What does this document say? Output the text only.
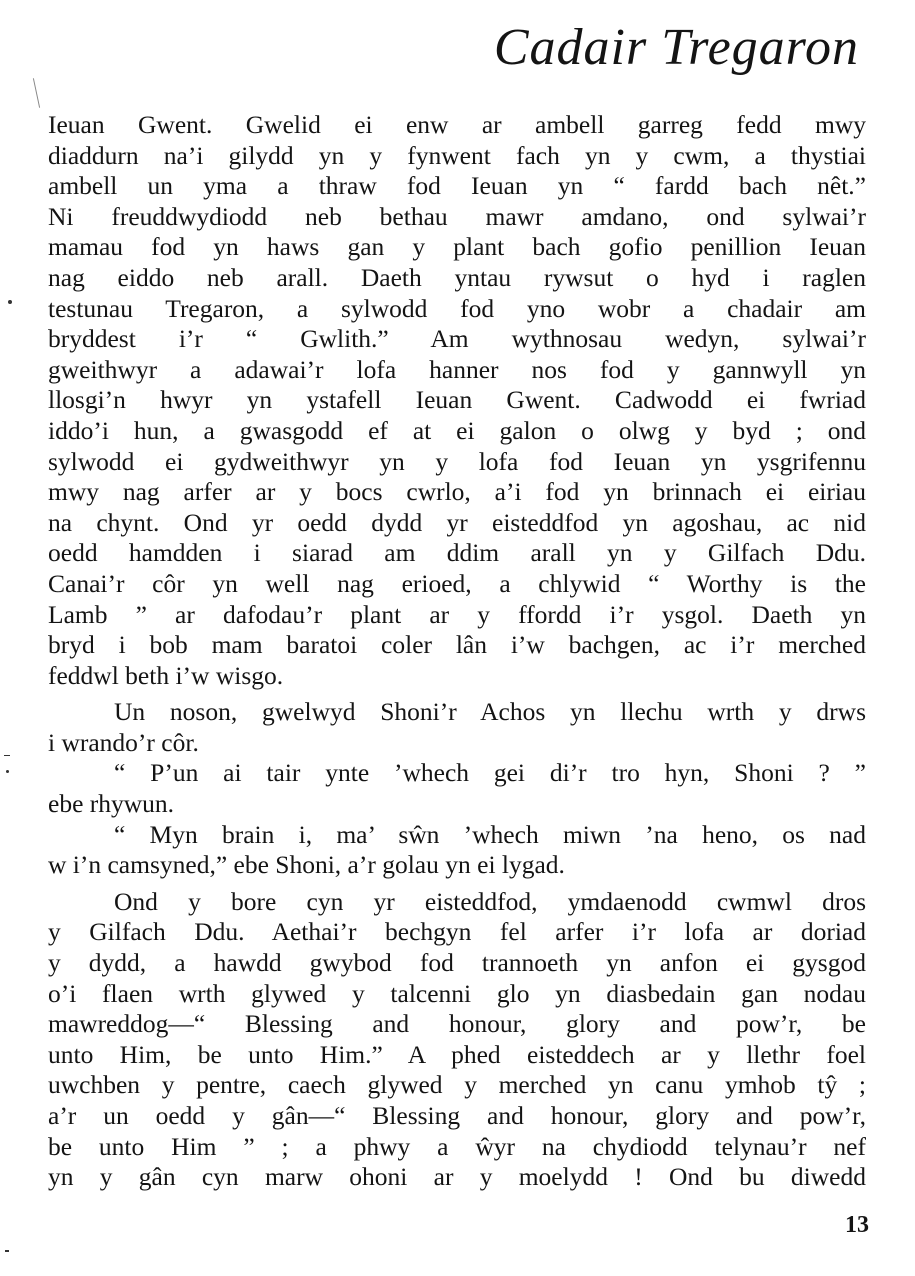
Cadair Tregaron
Ieuan Gwent. Gwelid ei enw ar ambell garreg fedd mwy
diaddurn na’i gilydd yn y fynwent fach yn y cwm, a thystiai
ambell un yma a thraw fod Ieuan yn “ fardd bach nêt.”
Ni freuddwydiodd neb bethau mawr amdano, ond sylwai’r
mamau fod yn haws gan y plant bach gofio penillion Ieuan
nag eiddo neb arall. Daeth yntau rywsut o hyd i raglen
testunau Tregaron, a sylwodd fod yno wobr a chadair am
bryddest i’r “ Gwlith.” Am wythnosau wedyn, sylwai’r
gweithwyr a adawai’r lofa hanner nos fod y gannwyll yn
llosgi’n hwyr yn ystafell Ieuan Gwent. Cadwodd ei fwriad
iddo’i hun, a gwasgodd ef at ei galon o olwg y byd ; ond
sylwodd ei gydweithwyr yn y lofa fod Ieuan yn ysgrifennu
mwy nag arfer ar y bocs cwrlo, a’i fod yn brinnach ei eiriau
na chynt. Ond yr oedd dydd yr eisteddfod yn agoshau, ac nid
oedd hamdden i siarad am ddim arall yn y Gilfach Ddu.
Canai’r côr yn well nag erioed, a chlywid “ Worthy is the
Lamb ” ar dafodau’r plant ar y ffordd i’r ysgol. Daeth yn
bryd i bob mam baratoi coler lân i’w bachgen, ac i’r merched
feddwl beth i’w wisgo.
Un noson, gwelwyd Shoni’r Achos yn llechu wrth y drws
i wrando’r côr.
“ P’un ai tair ynte ’whech gei di’r tro hyn, Shoni ? ”
ebe rhywun.
“ Myn brain i, ma’ sŵn ’whech miwn ’na heno, os nad
w i’n camsyned,” ebe Shoni, a’r golau yn ei lygad.
Ond y bore cyn yr eisteddfod, ymdaenodd cwmwl dros
y Gilfach Ddu. Aethai’r bechgyn fel arfer i’r lofa ar doriad
y dydd, a hawdd gwybod fod trannoeth yn anfon ei gysgod
o’i flaen wrth glywed y talcenni glo yn diasbedain gan nodau
mawreddog—“ Blessing and honour, glory and pow’r, be
unto Him, be unto Him.” A phed eisteddech ar y llethr foel
uwchben y pentre, caech glywed y merched yn canu ymhob tŷ ;
a’r un oedd y gân—“ Blessing and honour, glory and pow’r,
be unto Him ” ; a phwy a ŵyr na chydiodd telynau’r nef
yn y gân cyn marw ohoni ar y moelydd ! Ond bu diwedd
13
